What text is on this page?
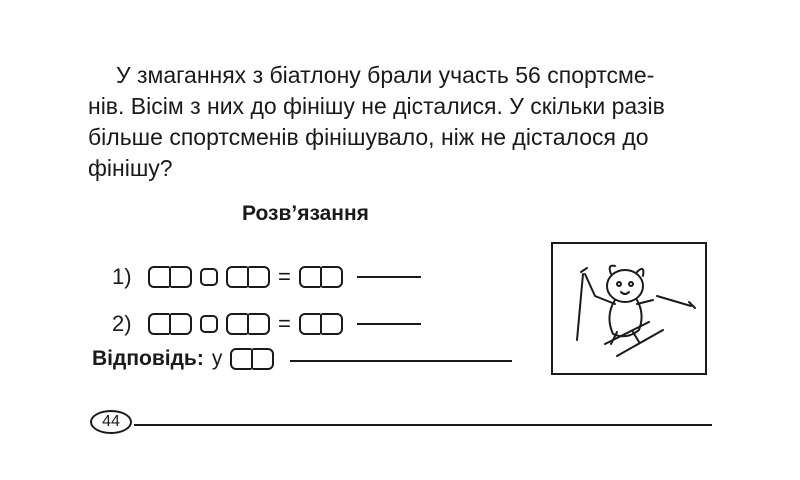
У змаганнях з біатлону брали участь 56 спортсме-
нів. Вісім з них до фінішу не дісталися. У скільки разів
більше спортсменів фінішувало, ніж не дісталося до
фінішу?
Розв’язання
1)	=
2)	=
Відповідь: у
44
